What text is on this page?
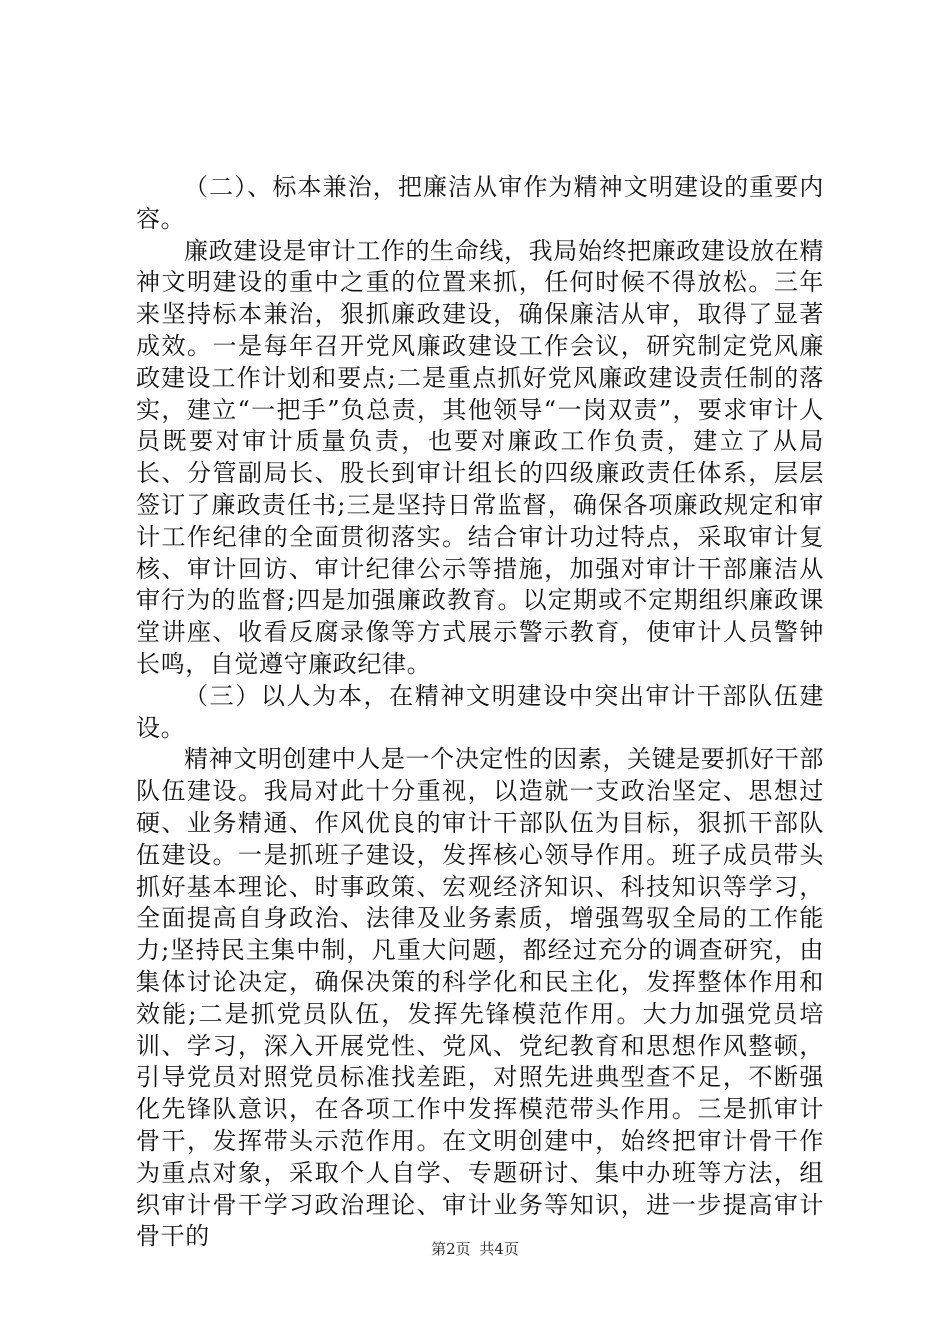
（二）、标本兼治，把廉洁从审作为精神文明建设的重要内容。

廉政建设是审计工作的生命线，我局始终把廉政建设放在精神文明建设的重中之重的位置来抓，任何时候不得放松。三年来坚持标本兼治，狠抓廉政建设，确保廉洁从审，取得了显著成效。一是每年召开党风廉政建设工作会议，研究制定党风廉政建设工作计划和要点;二是重点抓好党风廉政建设责任制的落实，建立“一把手”负总责，其他领导“一岗双责”，要求审计人员既要对审计质量负责，也要对廉政工作负责，建立了从局长、分管副局长、股长到审计组长的四级廉政责任体系，层层签订了廉政责任书;三是坚持日常监督，确保各项廉政规定和审计工作纪律的全面贯彻落实。结合审计功过特点，采取审计复核、审计回访、审计纪律公示等措施，加强对审计干部廉洁从审行为的监督;四是加强廉政教育。以定期或不定期组织廉政课堂讲座、收看反腐录像等方式展示警示教育，使审计人员警钟长鸣，自觉遵守廉政纪律。

（三）以人为本，在精神文明建设中突出审计干部队伍建设。

精神文明创建中人是一个决定性的因素，关键是要抓好干部队伍建设。我局对此十分重视，以造就一支政治坚定、思想过硬、业务精通、作风优良的审计干部队伍为目标，狠抓干部队伍建设。一是抓班子建设，发挥核心领导作用。班子成员带头抓好基本理论、时事政策、宏观经济知识、科技知识等学习，全面提高自身政治、法律及业务素质，增强驾驭全局的工作能力;坚持民主集中制，凡重大问题，都经过充分的调查研究，由集体讨论决定，确保决策的科学化和民主化，发挥整体作用和效能;二是抓党员队伍，发挥先锋模范作用。大力加强党员培训、学习，深入开展党性、党风、党纪教育和思想作风整顿，引导党员对照党员标准找差距，对照先进典型查不足，不断强化先锋队意识，在各项工作中发挥模范带头作用。三是抓审计骨干，发挥带头示范作用。在文明创建中，始终把审计骨干作为重点对象，采取个人自学、专题研讨、集中办班等方法，组织审计骨干学习政治理论、审计业务等知识，进一步提高审计骨干的	第2页 共4页
